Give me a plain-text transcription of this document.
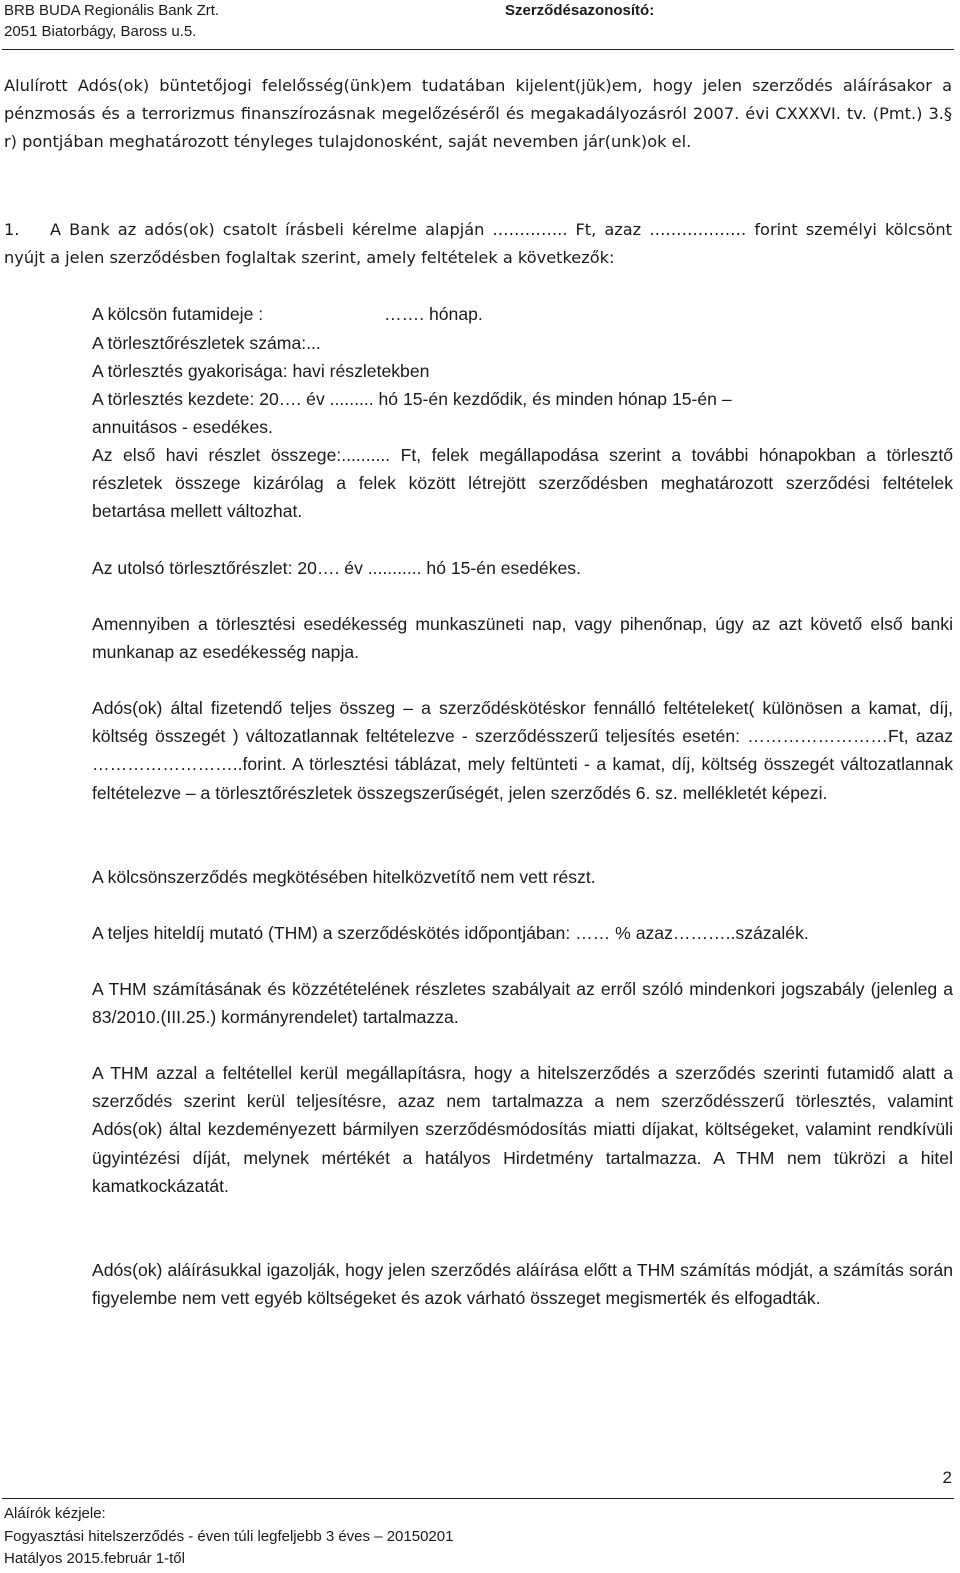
BRB BUDA Regionális Bank Zrt.
2051 Biatorbágy, Baross u.5.
Szerződésazonosító:

Alulírott Adós(ok) büntetőjogi felelősség(ünk)em tudatában kijelent(jük)em, hogy jelen szerződés aláírásakor a pénzmosás és a terrorizmus finanszírozásnak megelőzéséről és megakadályozásról 2007. évi CXXXVI. tv. (Pmt.) 3.§ r) pontjában meghatározott tényleges tulajdonosként, saját nevemben jár(unk)ok el.

1. A Bank az adós(ok) csatolt írásbeli kérelme alapján ………….. Ft, azaz ……………… forint személyi kölcsönt nyújt a jelen szerződésben foglaltak szerint, amely feltételek a következők:

A kölcsön futamideje :	……. hónap.
A törlesztőrészletek száma:...
A törlesztés gyakorisága: havi részletekben
A törlesztés kezdete: 20…. év ......... hó 15-én kezdődik, és minden hónap 15-én –
annuitásos - esedékes.

Az első havi részlet összege:.......... Ft, felek megállapodása szerint a további hónapokban a törlesztő részletek összege kizárólag a felek között létrejött szerződésben meghatározott szerződési feltételek betartása mellett változhat.

Az utolsó törlesztőrészlet: 20…. év ........... hó 15-én esedékes.

Amennyiben a törlesztési esedékesség munkaszüneti nap, vagy pihenőnap, úgy az azt követő első banki munkanap az esedékesség napja.

Adós(ok) által fizetendő teljes összeg – a szerződéskötéskor fennálló feltételeket( különösen a kamat, díj, költség összegét ) változatlannak feltételezve - szerződésszerű teljesítés esetén: ……………………Ft, azaz ……………………..forint. A törlesztési táblázat, mely feltünteti - a kamat, díj, költség összegét változatlannak feltételezve – a törlesztőrészletek összegszerűségét, jelen szerződés 6. sz. mellékletét képezi.

A kölcsönszerződés megkötésében hitelközvetítő nem vett részt.

A teljes hiteldíj mutató (THM) a szerződéskötés időpontjában: …… % azaz………..százalék.

A THM számításának és közzétételének részletes szabályait az erről szóló mindenkori jogszabály (jelenleg a 83/2010.(III.25.) kormányrendelet) tartalmazza.

A THM azzal a feltétellel kerül megállapításra, hogy a hitelszerződés a szerződés szerinti futamidő alatt a szerződés szerint kerül teljesítésre, azaz nem tartalmazza a nem szerződésszerű törlesztés, valamint Adós(ok) által kezdeményezett bármilyen szerződésmódosítás miatti díjakat, költségeket, valamint rendkívüli ügyintézési díját, melynek mértékét a hatályos Hirdetmény tartalmazza. A THM nem tükrözi a hitel kamatkockázatát.

Adós(ok) aláírásukkal igazolják, hogy jelen szerződés aláírása előtt a THM számítás módját, a számítás során figyelembe nem vett egyéb költségeket és azok várható összeget megismerték és elfogadták.

2
Aláírók kézjele:
Fogyasztási hitelszerződés - éven túli legfeljebb 3 éves – 20150201
Hatályos 2015.február 1-től
